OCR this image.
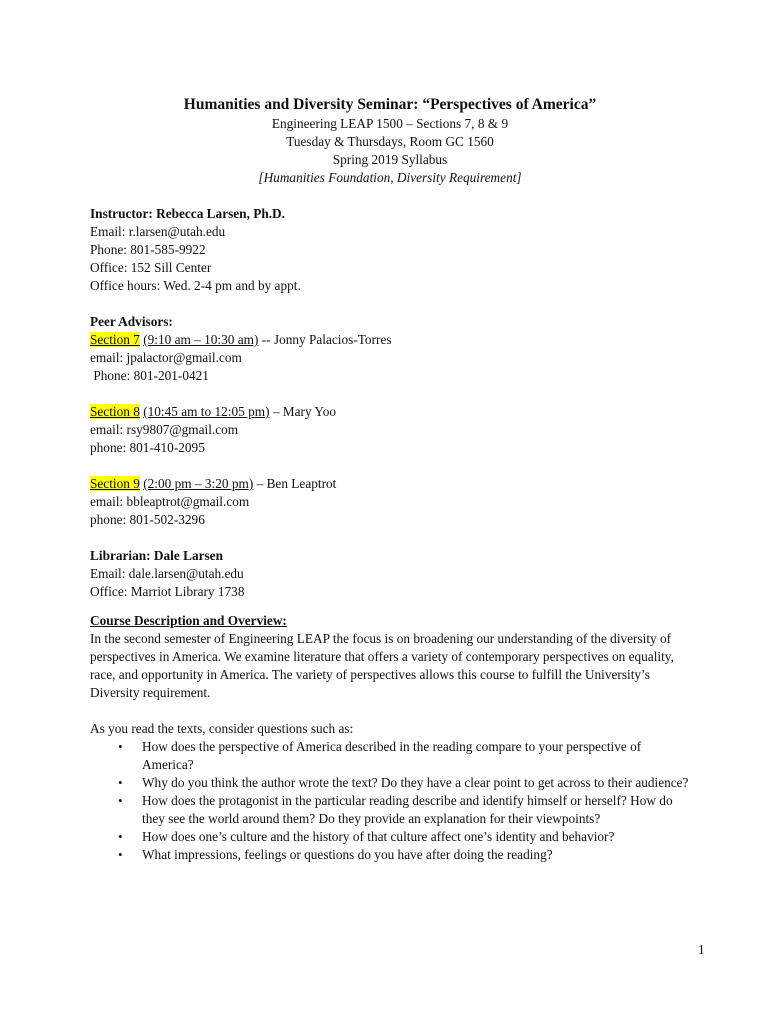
Humanities and Diversity Seminar: “Perspectives of America”
Engineering LEAP 1500 – Sections 7, 8 & 9
Tuesday & Thursdays, Room GC 1560
Spring 2019 Syllabus
[Humanities Foundation, Diversity Requirement]
Instructor: Rebecca Larsen, Ph.D.
Email: r.larsen@utah.edu
Phone: 801-585-9922
Office: 152 Sill Center
Office hours: Wed. 2-4 pm and by appt.
Peer Advisors:
Section 7 (9:10 am – 10:30 am) -- Jonny Palacios-Torres
email: jpalactor@gmail.com
Phone: 801-201-0421
Section 8 (10:45 am to 12:05 pm) – Mary Yoo
email: rsy9807@gmail.com
phone: 801-410-2095
Section 9 (2:00 pm – 3:20 pm) – Ben Leaptrot
email: bbleaptrot@gmail.com
phone: 801-502-3296
Librarian: Dale Larsen
Email: dale.larsen@utah.edu
Office: Marriot Library 1738
Course Description and Overview:
In the second semester of Engineering LEAP the focus is on broadening our understanding of the diversity of perspectives in America. We examine literature that offers a variety of contemporary perspectives on equality, race, and opportunity in America. The variety of perspectives allows this course to fulfill the University’s Diversity requirement.
As you read the texts, consider questions such as:
• How does the perspective of America described in the reading compare to your perspective of America?
• Why do you think the author wrote the text? Do they have a clear point to get across to their audience?
• How does the protagonist in the particular reading describe and identify himself or herself? How do they see the world around them? Do they provide an explanation for their viewpoints?
• How does one’s culture and the history of that culture affect one’s identity and behavior?
• What impressions, feelings or questions do you have after doing the reading?
1
